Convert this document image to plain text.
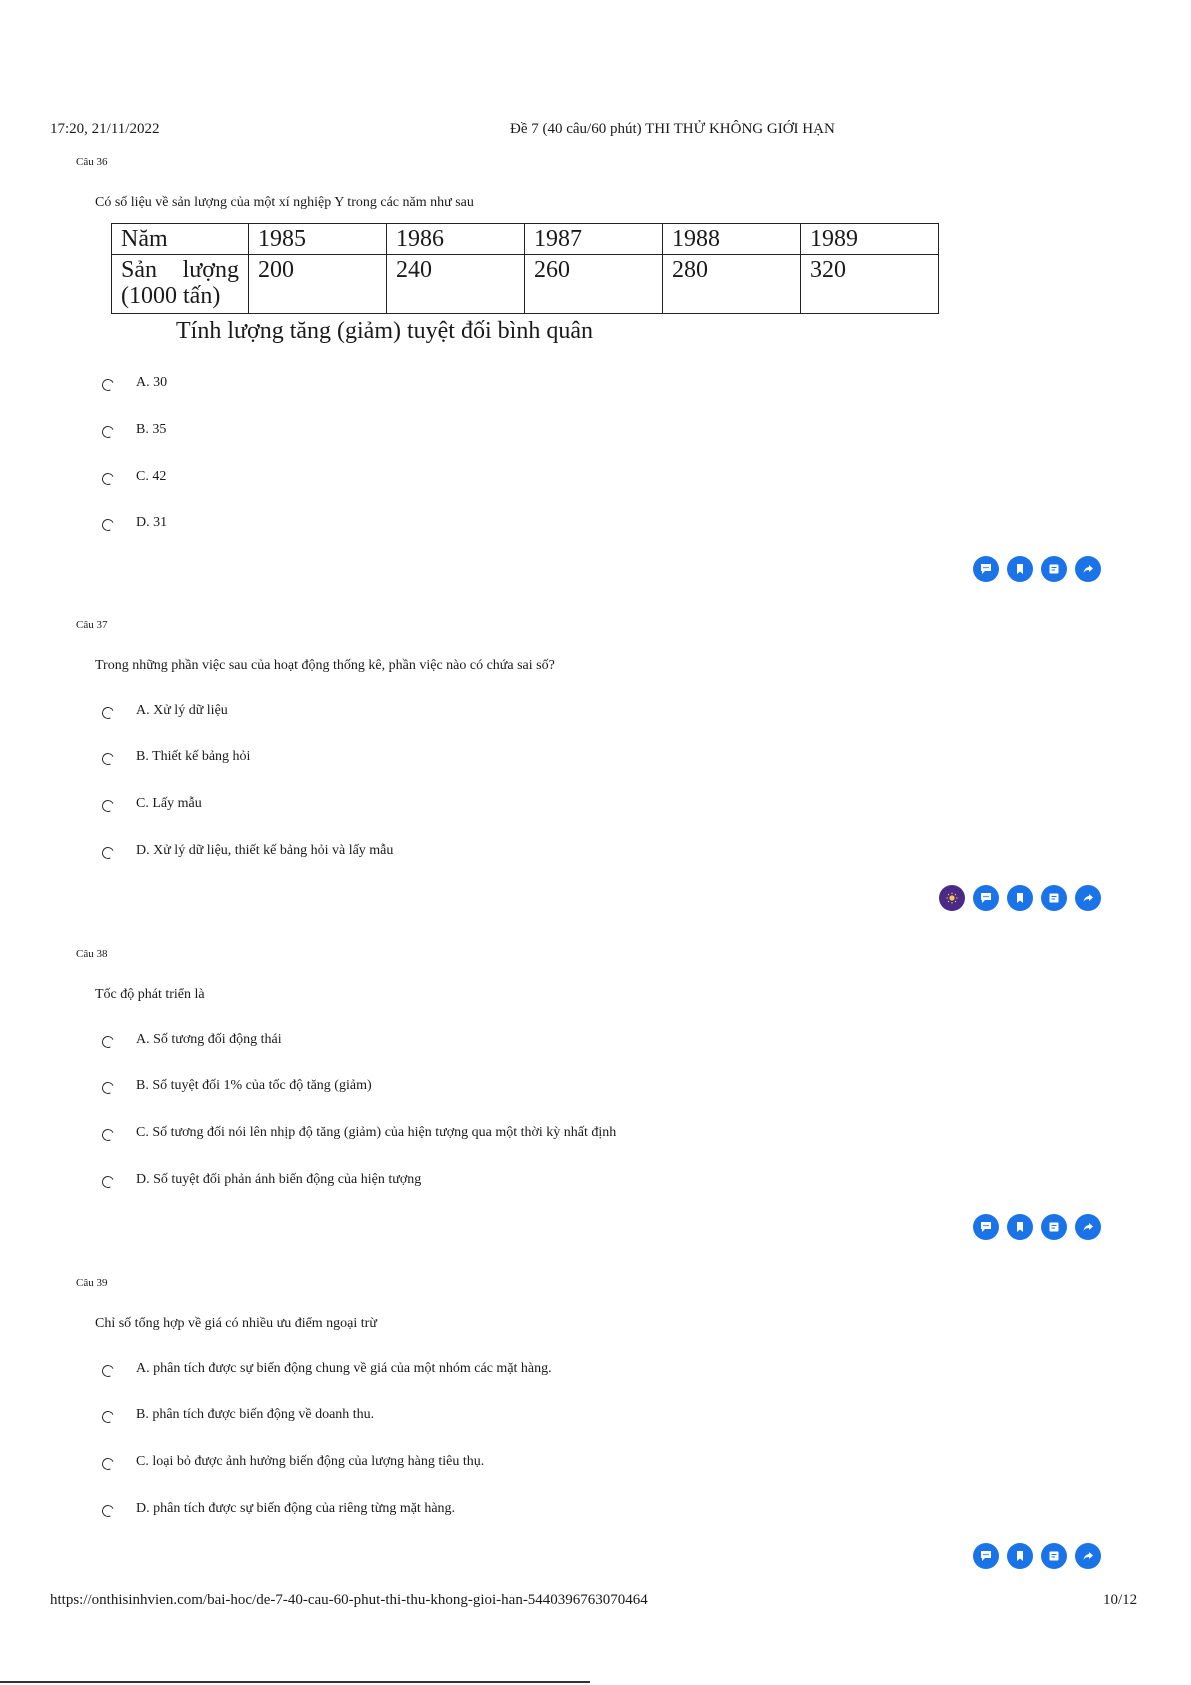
17:20, 21/11/2022	Đề 7 (40 câu/60 phút) THI THỬ KHÔNG GIỚI HẠN
Câu 36
Có số liệu về sản lượng của một xí nghiệp Y trong các năm như sau
Năm	1985	1986	1987	1988	1989

Sản lượng
(1000 tấn)	200	240	260	280	320
Tính lượng tăng (giảm) tuyệt đối bình quân
A. 30
B. 35
C. 42
D. 31
Câu 37
Trong những phần việc sau của hoạt động thống kê, phần việc nào có chứa sai số?
A. Xử lý dữ liệu
B. Thiết kế bảng hỏi
C. Lấy mẫu
D. Xử lý dữ liệu, thiết kế bảng hỏi và lấy mẫu
Câu 38
Tốc độ phát triển là
A. Số tương đối động thái
B. Số tuyệt đối 1% của tốc độ tăng (giảm)
C. Số tương đối nói lên nhịp độ tăng (giảm) của hiện tượng qua một thời kỳ nhất định
D. Số tuyệt đối phản ánh biến động của hiện tượng
Câu 39
Chỉ số tổng hợp về giá có nhiều ưu điểm ngoại trừ
A. phân tích được sự biến động chung về giá của một nhóm các mặt hàng.
B. phân tích được biến động về doanh thu.
C. loại bỏ được ảnh hưởng biến động của lượng hàng tiêu thụ.
D. phân tích được sự biến động của riêng từng mặt hàng.
https://onthisinhvien.com/bai-hoc/de-7-40-cau-60-phut-thi-thu-khong-gioi-han-5440396763070464	10/12
